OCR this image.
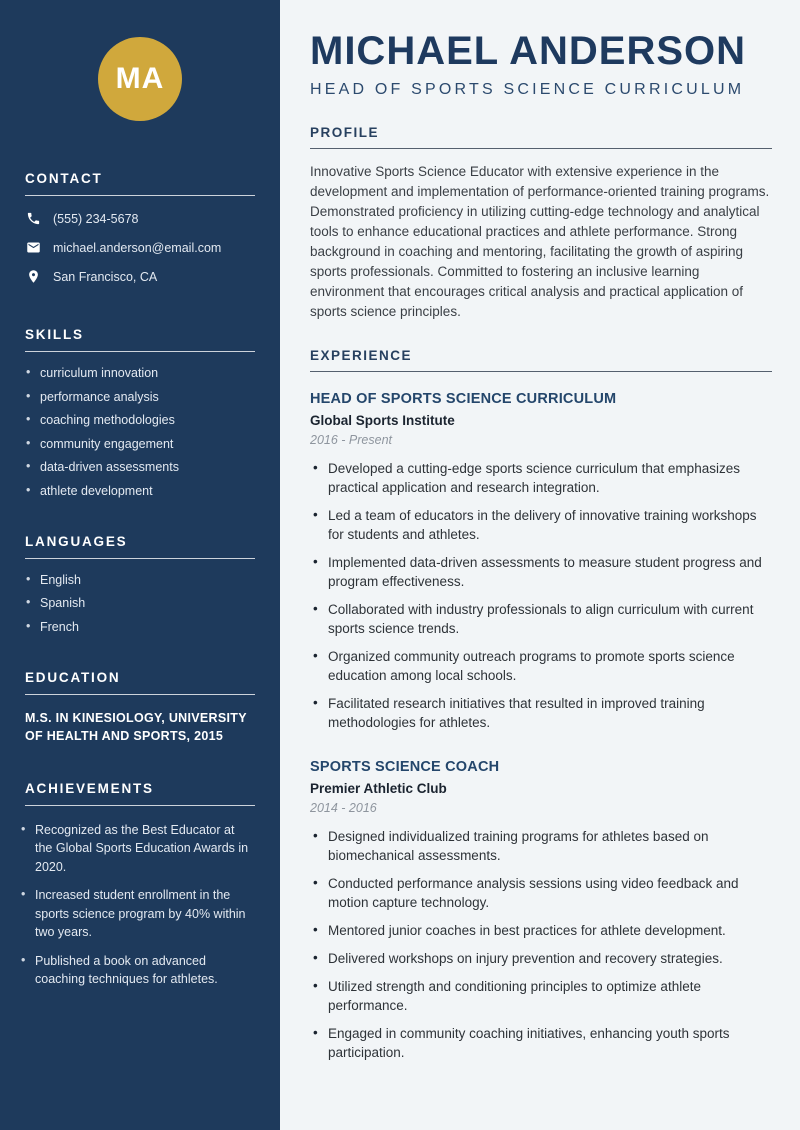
MA
CONTACT
(555) 234-5678
michael.anderson@email.com
San Francisco, CA
SKILLS
• curriculum innovation
• performance analysis
• coaching methodologies
• community engagement
• data-driven assessments
• athlete development
LANGUAGES
• English
• Spanish
• French
EDUCATION
M.S. IN KINESIOLOGY, UNIVERSITY OF HEALTH AND SPORTS, 2015
ACHIEVEMENTS
• Recognized as the Best Educator at the Global Sports Education Awards in 2020.
• Increased student enrollment in the sports science program by 40% within two years.
• Published a book on advanced coaching techniques for athletes.
MICHAEL ANDERSON
HEAD OF SPORTS SCIENCE CURRICULUM
PROFILE

Innovative Sports Science Educator with extensive experience in the development and implementation of performance-oriented training programs. Demonstrated proficiency in utilizing cutting-edge technology and analytical tools to enhance educational practices and athlete performance. Strong background in coaching and mentoring, facilitating the growth of aspiring sports professionals. Committed to fostering an inclusive learning environment that encourages critical analysis and practical application of sports science principles.

EXPERIENCE
HEAD OF SPORTS SCIENCE CURRICULUM
Global Sports Institute
2016 - Present
• Developed a cutting-edge sports science curriculum that emphasizes practical application and research integration.
• Led a team of educators in the delivery of innovative training workshops for students and athletes.
• Implemented data-driven assessments to measure student progress and program effectiveness.
• Collaborated with industry professionals to align curriculum with current sports science trends.
• Organized community outreach programs to promote sports science education among local schools.
• Facilitated research initiatives that resulted in improved training methodologies for athletes.
SPORTS SCIENCE COACH
Premier Athletic Club
2014 - 2016
• Designed individualized training programs for athletes based on biomechanical assessments.
• Conducted performance analysis sessions using video feedback and motion capture technology.
• Mentored junior coaches in best practices for athlete development.
• Delivered workshops on injury prevention and recovery strategies.
• Utilized strength and conditioning principles to optimize athlete performance.
• Engaged in community coaching initiatives, enhancing youth sports participation.
